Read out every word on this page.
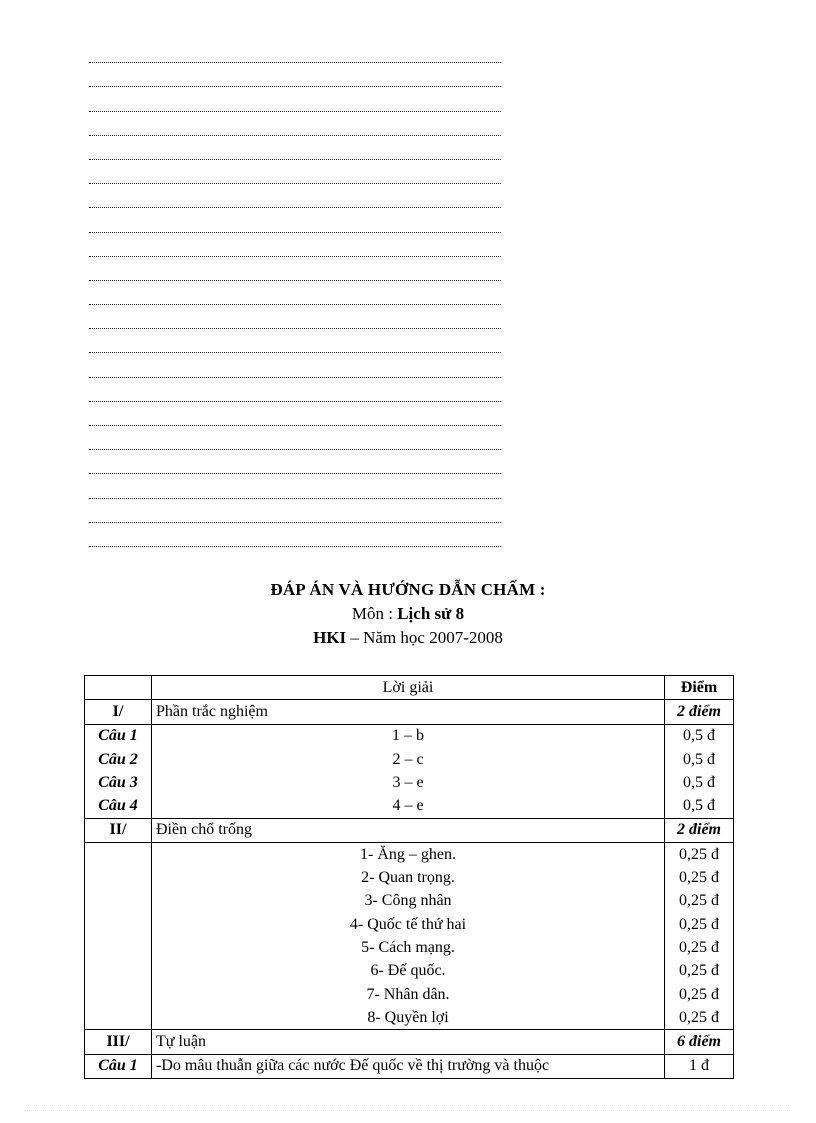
ĐÁP ÁN VÀ HƯỚNG DẪN CHẤM :
Môn : Lịch sử 8
HKI – Năm học 2007-2008
	Lời giải	Điểm
I/	Phần trắc nghiệm	2 điểm
Câu 1	1 – b	0,5 đ
Câu 2	2 – c	0,5 đ
Câu 3	3 – e	0,5 đ
Câu 4	4 – e	0,5 đ
II/	Điền chổ trống	2 điểm
	1- Ăng – ghen.	0,25 đ
	2- Quan trọng.	0,25 đ
	3- Công nhân	0,25 đ
	4- Quốc tế thứ hai	0,25 đ
	5- Cách mạng.	0,25 đ
	6- Đế quốc.	0,25 đ
	7- Nhân dân.	0,25 đ
	8- Quyền lợi	0,25 đ
III/	Tự luận	6 điểm
Câu 1	-Do mâu thuẫn giữa các nước Đế quốc về thị trường và thuộc	1 đ
